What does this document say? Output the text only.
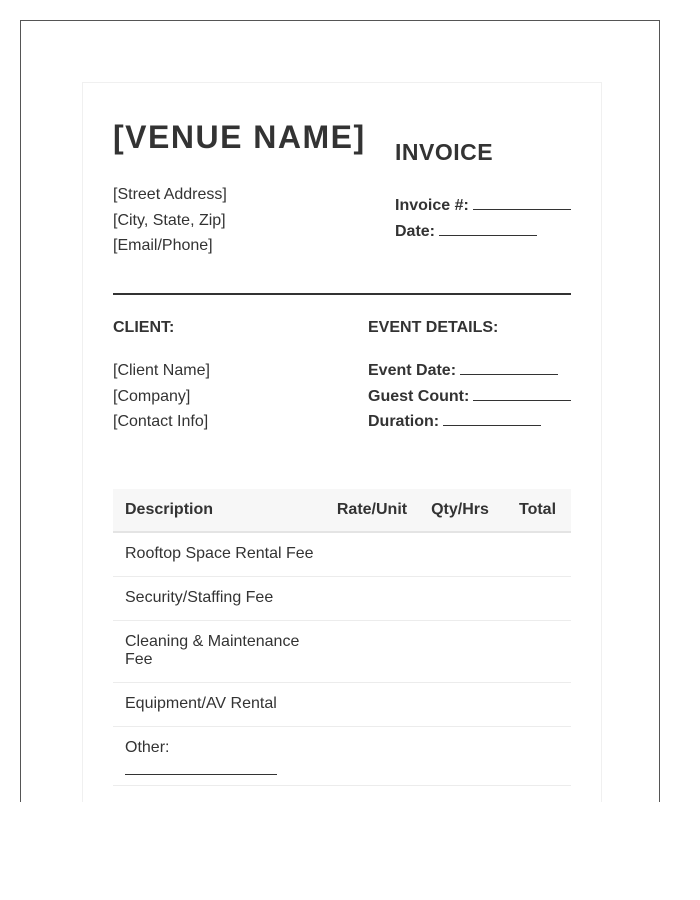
[VENUE NAME]
[Street Address]
[City, State, Zip]
[Email/Phone]
INVOICE
Invoice #:
Date:
CLIENT:	EVENT DETAILS:
[Client Name]
[Company]
[Contact Info]
Event Date:
Guest Count:
Duration:
Description	Rate/Unit	Qty/Hrs	Total
Rooftop Space Rental Fee
Security/Staffing Fee
Cleaning & Maintenance Fee
Equipment/AV Rental
Other:
